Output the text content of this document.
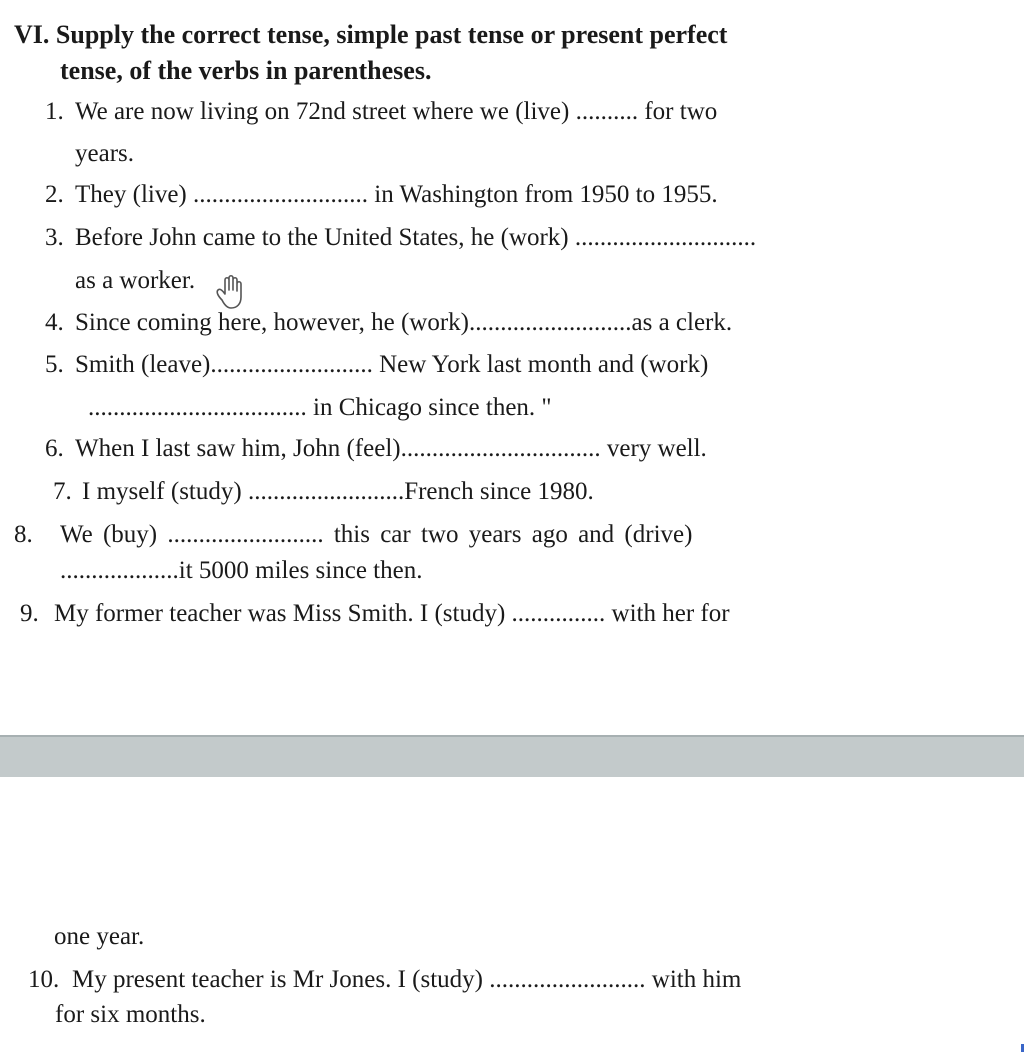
VI. Supply the correct tense, simple past tense or present perfect
tense, of the verbs in parentheses.
1. We are now living on 72nd street where we (live) .......... for two
years.
2. They (live) ............................ in Washington from 1950 to 1955.
3. Before John came to the United States, he (work) .............................
as a worker.
4. Since coming here, however, he (work)..........................as a clerk.
5. Smith (leave).......................... New York last month and (work)
................................... in Chicago since then. "
6. When I last saw him, John (feel)................................ very well.
7. I myself (study) .........................French since 1980.
8. We (buy) ......................... this car two years ago and (drive)
...................it 5000 miles since then.
9. My former teacher was Miss Smith. I (study) ............... with her for
one year.
10. My present teacher is Mr Jones. I (study) ......................... with him
for six months.
